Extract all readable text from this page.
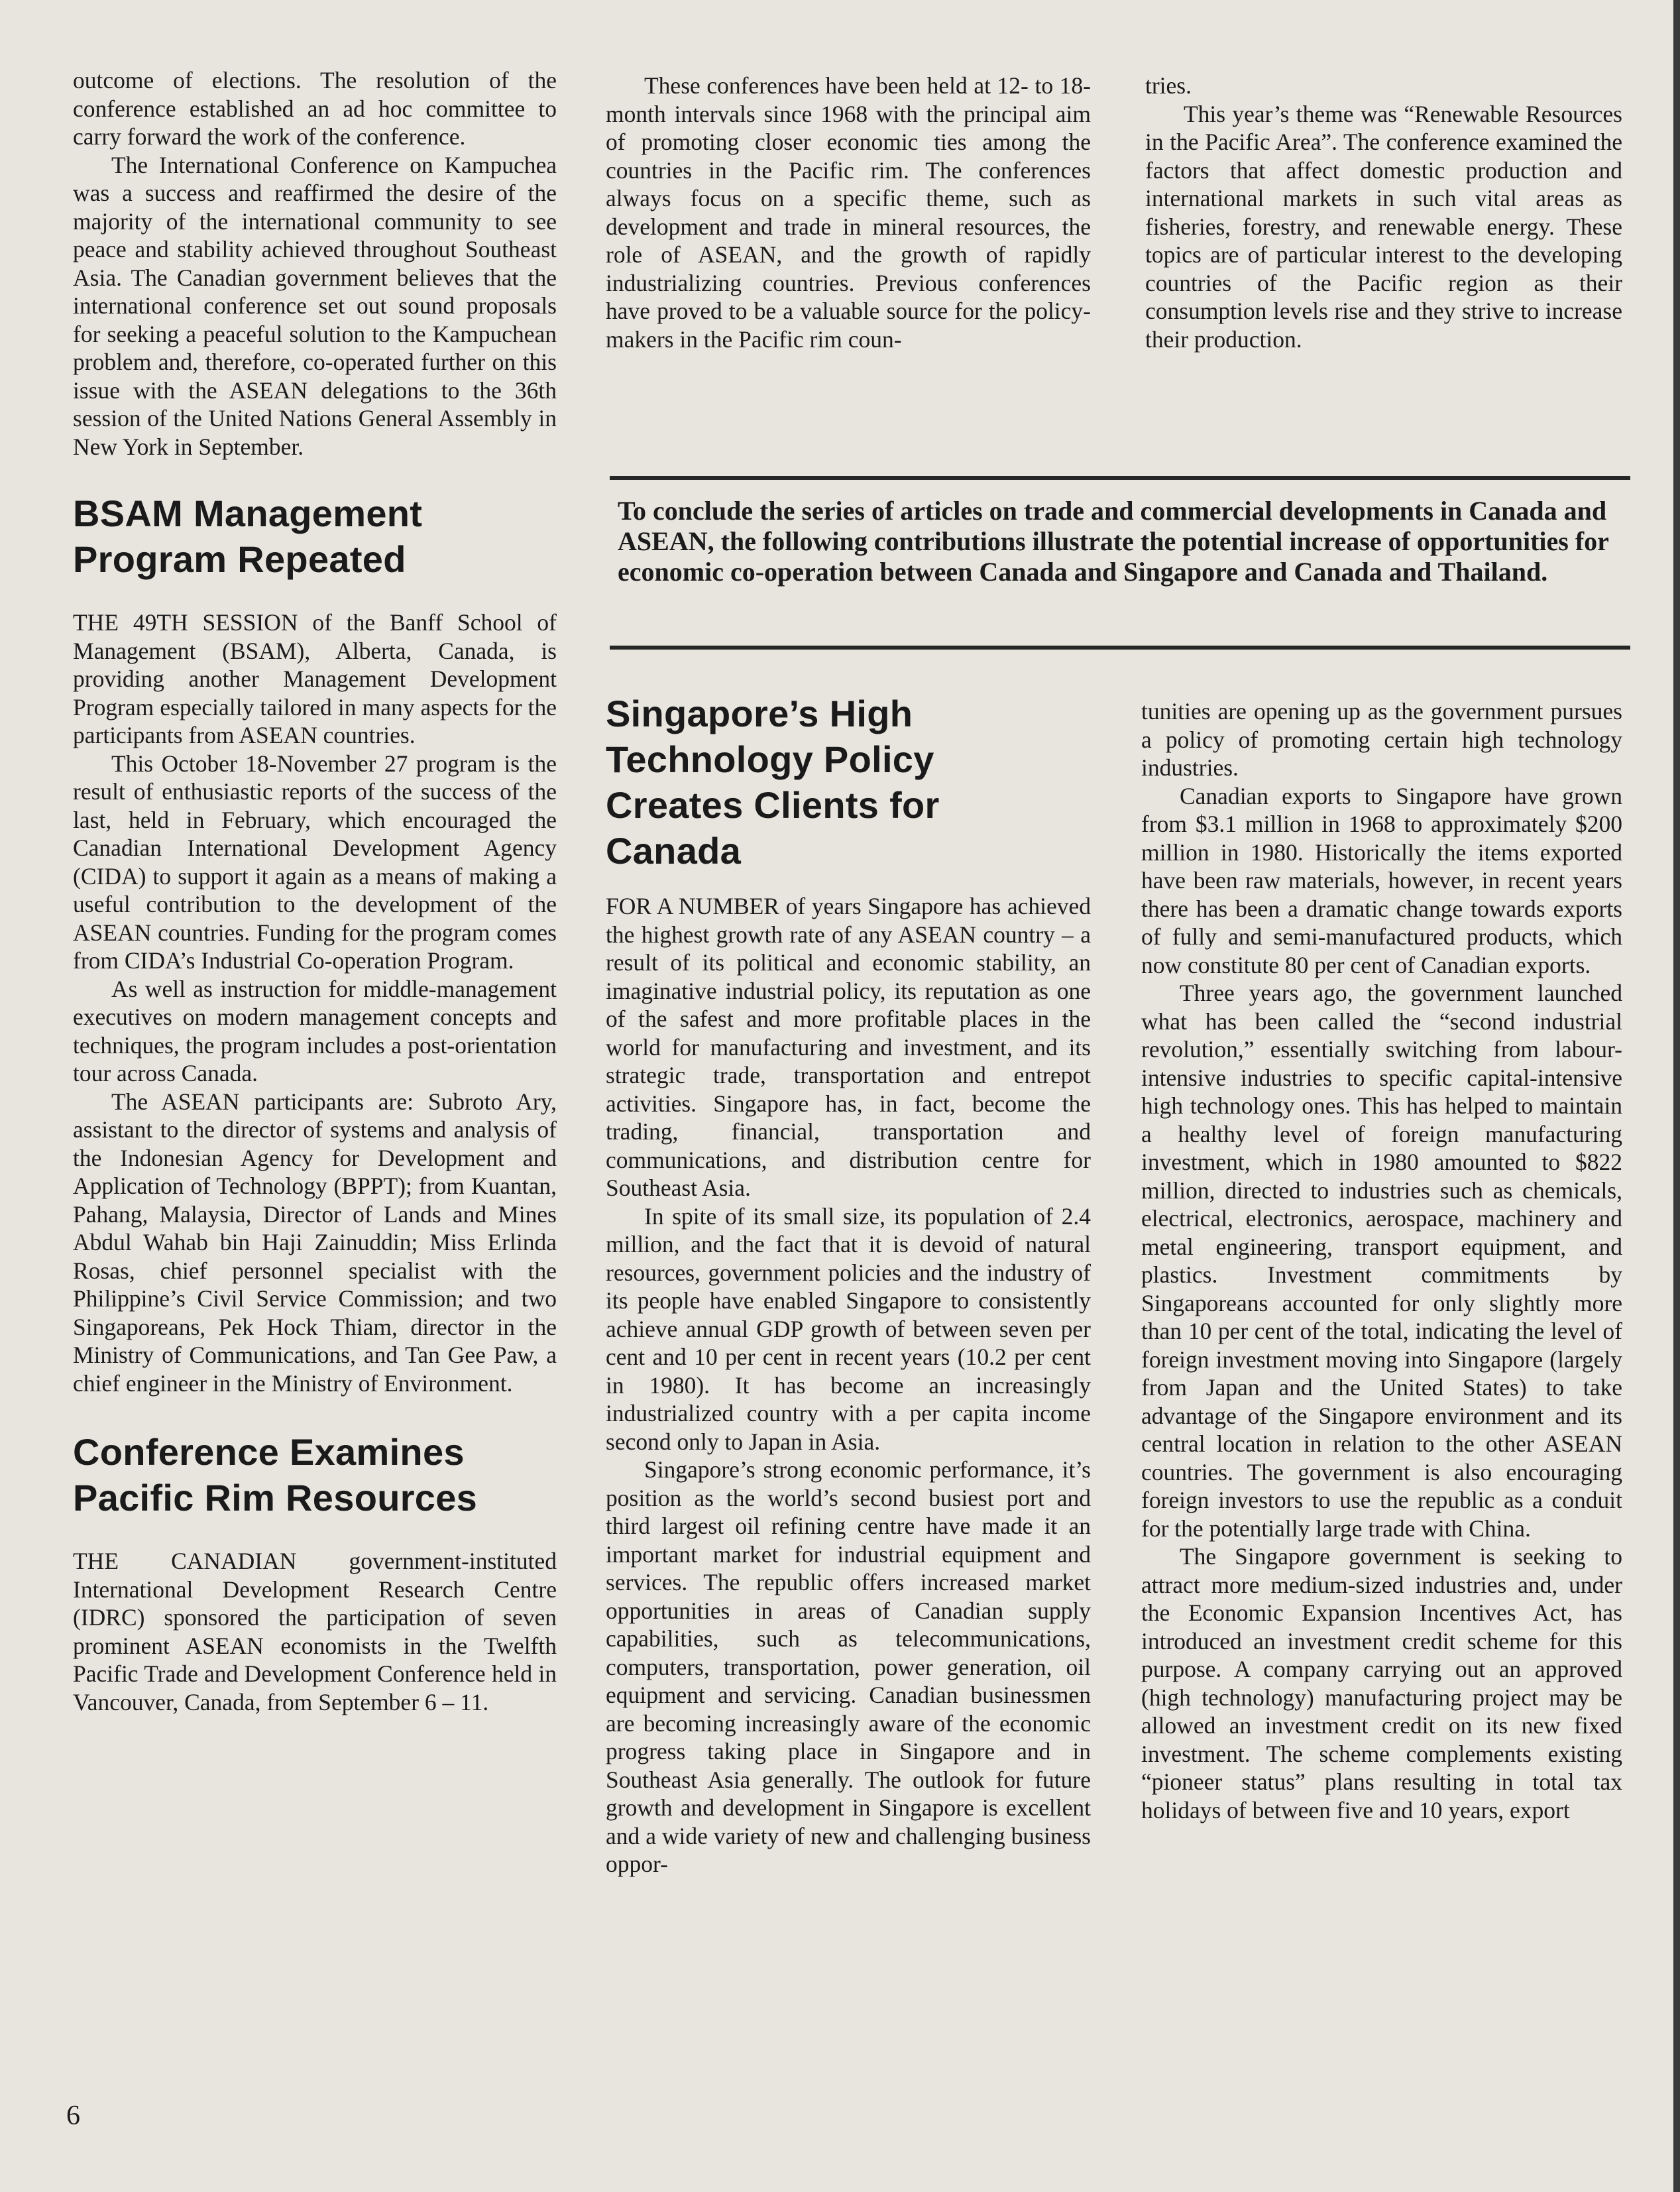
outcome of elections. The resolution of the conference established an ad hoc committee to carry forward the work of the conference.

The International Conference on Kampuchea was a success and reaffirmed the desire of the majority of the international community to see peace and stability achieved throughout Southeast Asia. The Canadian government believes that the international conference set out sound proposals for seeking a peaceful solution to the Kampuchean problem and, therefore, co-operated further on this issue with the ASEAN delegations to the 36th session of the United Nations General Assembly in New York in September.

BSAM Management Program Repeated

THE 49TH SESSION of the Banff School of Management (BSAM), Alberta, Canada, is providing another Management Development Program especially tailored in many aspects for the participants from ASEAN countries.

This October 18-November 27 program is the result of enthusiastic reports of the success of the last, held in February, which encouraged the Canadian International Development Agency (CIDA) to support it again as a means of making a useful contribution to the development of the ASEAN countries. Funding for the program comes from CIDA’s Industrial Co-operation Program.

As well as instruction for middle-management executives on modern management concepts and techniques, the program includes a post-orientation tour across Canada.

The ASEAN participants are: Subroto Ary, assistant to the director of systems and analysis of the Indonesian Agency for Development and Application of Technology (BPPT); from Kuantan, Pahang, Malaysia, Director of Lands and Mines Abdul Wahab bin Haji Zainuddin; Miss Erlinda Rosas, chief personnel specialist with the Philippine’s Civil Service Commission; and two Singaporeans, Pek Hock Thiam, director in the Ministry of Communications, and Tan Gee Paw, a chief engineer in the Ministry of Environment.

Conference Examines Pacific Rim Resources

THE CANADIAN government-instituted International Development Research Centre (IDRC) sponsored the participation of seven prominent ASEAN economists in the Twelfth Pacific Trade and Development Conference held in Vancouver, Canada, from September 6 – 11.

These conferences have been held at 12- to 18-month intervals since 1968 with the principal aim of promoting closer economic ties among the countries in the Pacific rim. The conferences always focus on a specific theme, such as development and trade in mineral resources, the role of ASEAN, and the growth of rapidly industrializing countries. Previous conferences have proved to be a valuable source for the policy-makers in the Pacific rim coun-

tries.

This year’s theme was “Renewable Resources in the Pacific Area”. The conference examined the factors that affect domestic production and international markets in such vital areas as fisheries, forestry, and renewable energy. These topics are of particular interest to the developing countries of the Pacific region as their consumption levels rise and they strive to increase their production.

To conclude the series of articles on trade and commercial developments in Canada and ASEAN, the following contributions illustrate the potential increase of opportunities for economic co-operation between Canada and Singapore and Canada and Thailand.
Singapore’s High Technology Policy Creates Clients for Canada

FOR A NUMBER of years Singapore has achieved the highest growth rate of any ASEAN country – a result of its political and economic stability, an imaginative industrial policy, its reputation as one of the safest and more profitable places in the world for manufacturing and investment, and its strategic trade, transportation and entrepot activities. Singapore has, in fact, become the trading, financial, transportation and communications, and distribution centre for Southeast Asia.

In spite of its small size, its population of 2.4 million, and the fact that it is devoid of natural resources, government policies and the industry of its people have enabled Singapore to consistently achieve annual GDP growth of between seven per cent and 10 per cent in recent years (10.2 per cent in 1980). It has become an increasingly industrialized country with a per capita income second only to Japan in Asia.

Singapore’s strong economic performance, it’s position as the world’s second busiest port and third largest oil refining centre have made it an important market for industrial equipment and services. The republic offers increased market opportunities in areas of Canadian supply capabilities, such as telecommunications, computers, transportation, power generation, oil equipment and servicing. Canadian businessmen are becoming increasingly aware of the economic progress taking place in Singapore and in Southeast Asia generally. The outlook for future growth and development in Singapore is excellent and a wide variety of new and challenging business oppor-

tunities are opening up as the government pursues a policy of promoting certain high technology industries.

Canadian exports to Singapore have grown from $3.1 million in 1968 to approximately $200 million in 1980. Historically the items exported have been raw materials, however, in recent years there has been a dramatic change towards exports of fully and semi-manufactured products, which now constitute 80 per cent of Canadian exports.

Three years ago, the government launched what has been called the “second industrial revolution,” essentially switching from labour-intensive industries to specific capital-intensive high technology ones. This has helped to maintain a healthy level of foreign manufacturing investment, which in 1980 amounted to $822 million, directed to industries such as chemicals, electrical, electronics, aerospace, machinery and metal engineering, transport equipment, and plastics. Investment commitments by Singaporeans accounted for only slightly more than 10 per cent of the total, indicating the level of foreign investment moving into Singapore (largely from Japan and the United States) to take advantage of the Singapore environment and its central location in relation to the other ASEAN countries. The government is also encouraging foreign investors to use the republic as a conduit for the potentially large trade with China.

The Singapore government is seeking to attract more medium-sized industries and, under the Economic Expansion Incentives Act, has introduced an investment credit scheme for this purpose. A company carrying out an approved (high technology) manufacturing project may be allowed an investment credit on its new fixed investment. The scheme complements existing “pioneer status” plans resulting in total tax holidays of between five and 10 years, export

6
